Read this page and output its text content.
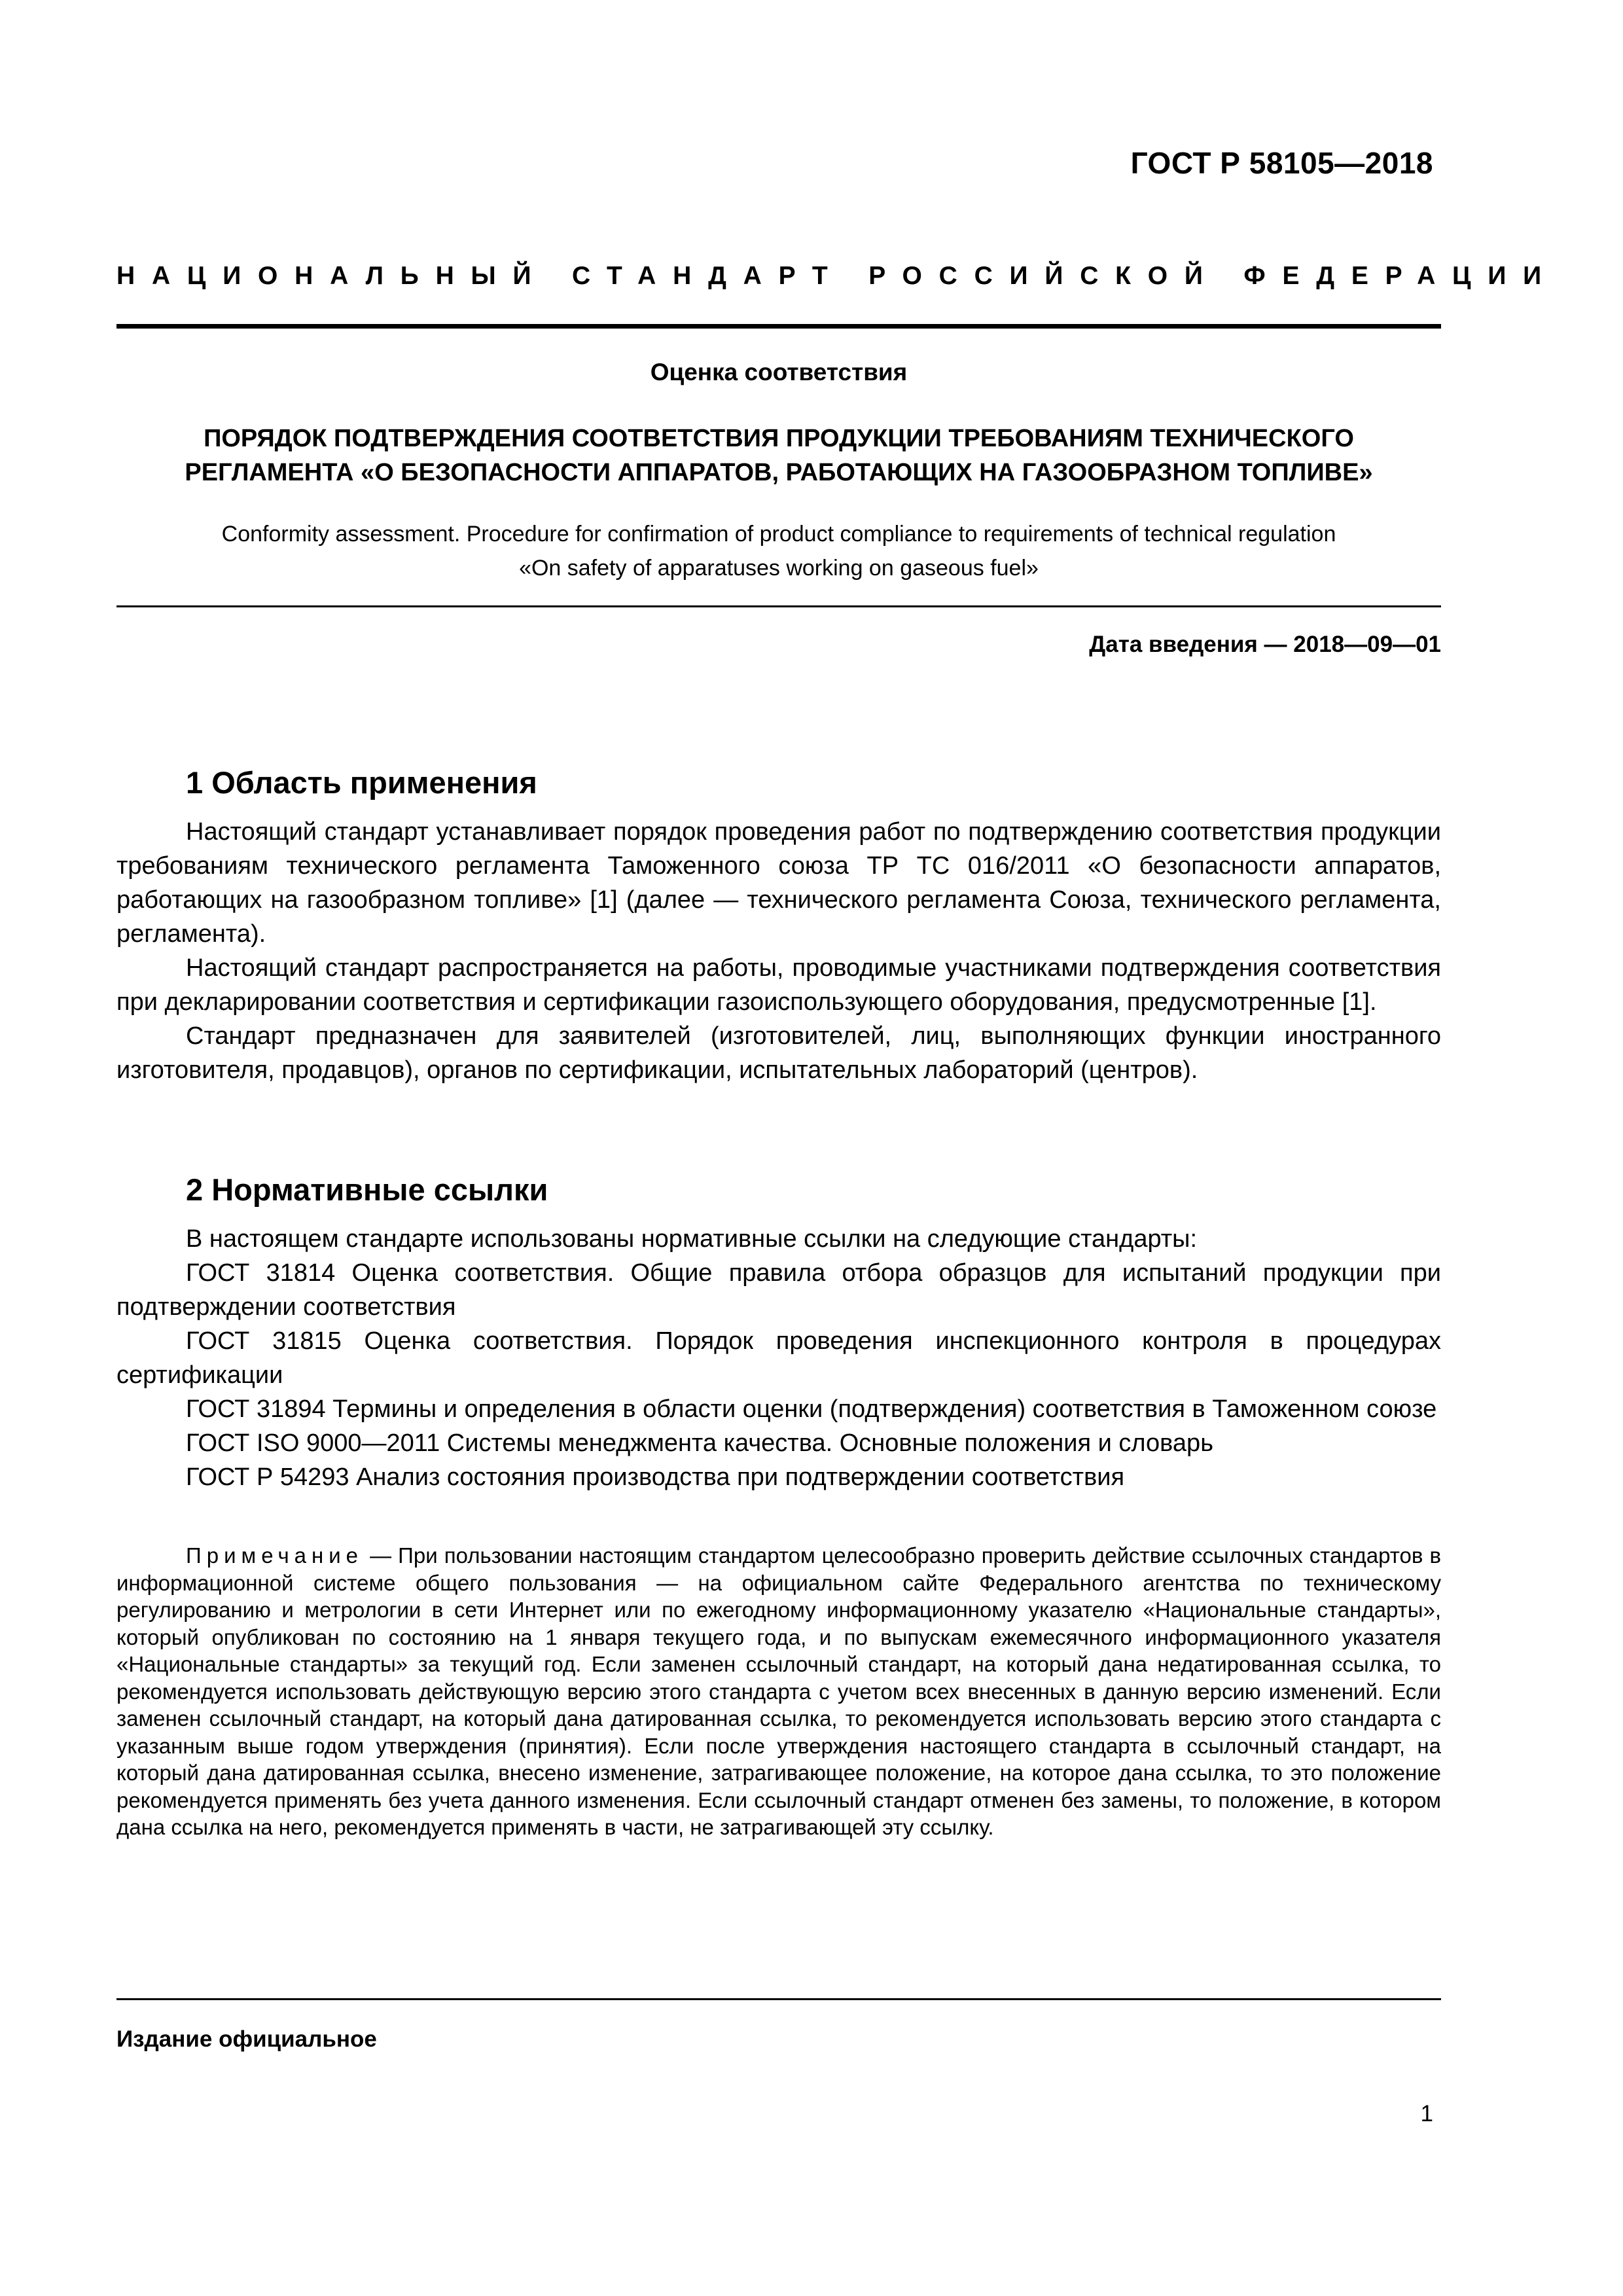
ГОСТ Р 58105—2018
НАЦИОНАЛЬНЫЙ СТАНДАРТ РОССИЙСКОЙ ФЕДЕРАЦИИ
Оценка соответствия
ПОРЯДОК ПОДТВЕРЖДЕНИЯ СООТВЕТСТВИЯ ПРОДУКЦИИ ТРЕБОВАНИЯМ ТЕХНИЧЕСКОГО
РЕГЛАМЕНТА «О БЕЗОПАСНОСТИ АППАРАТОВ, РАБОТАЮЩИХ НА ГАЗООБРАЗНОМ ТОПЛИВЕ»
Conformity assessment. Procedure for confirmation of product compliance to requirements of technical regulation
«On safety of apparatuses working on gaseous fuel»
Дата введения — 2018—09—01
1 Область применения

Настоящий стандарт устанавливает порядок проведения работ по подтверждению соответствия продукции требованиям технического регламента Таможенного союза ТР ТС 016/2011 «О безопасности аппаратов, работающих на газообразном топливе» [1] (далее — технического регламента Союза, технического регламента, регламента).

Настоящий стандарт распространяется на работы, проводимые участниками подтверждения соответствия при декларировании соответствия и сертификации газоиспользующего оборудования, предусмотренные [1].

Стандарт предназначен для заявителей (изготовителей, лиц, выполняющих функции иностранного изготовителя, продавцов), органов по сертификации, испытательных лабораторий (центров).

2 Нормативные ссылки

В настоящем стандарте использованы нормативные ссылки на следующие стандарты:

ГОСТ 31814 Оценка соответствия. Общие правила отбора образцов для испытаний продукции при подтверждении соответствия

ГОСТ 31815 Оценка соответствия. Порядок проведения инспекционного контроля в процедурах сертификации

ГОСТ 31894 Термины и определения в области оценки (подтверждения) соответствия в Таможенном союзе

ГОСТ ISO 9000—2011 Системы менеджмента качества. Основные положения и словарь

ГОСТ Р 54293 Анализ состояния производства при подтверждении соответствия

Примечание — При пользовании настоящим стандартом целесообразно проверить действие ссылочных стандартов в информационной системе общего пользования — на официальном сайте Федерального агентства по техническому регулированию и метрологии в сети Интернет или по ежегодному информационному указателю «Национальные стандарты», который опубликован по состоянию на 1 января текущего года, и по выпускам ежемесячного информационного указателя «Национальные стандарты» за текущий год. Если заменен ссылочный стандарт, на который дана недатированная ссылка, то рекомендуется использовать действующую версию этого стандарта с учетом всех внесенных в данную версию изменений. Если заменен ссылочный стандарт, на который дана датированная ссылка, то рекомендуется использовать версию этого стандарта с указанным выше годом утверждения (принятия). Если после утверждения настоящего стандарта в ссылочный стандарт, на который дана датированная ссылка, внесено изменение, затрагивающее положение, на которое дана ссылка, то это положение рекомендуется применять без учета данного изменения. Если ссылочный стандарт отменен без замены, то положение, в котором дана ссылка на него, рекомендуется применять в части, не затрагивающей эту ссылку.

Издание официальное
1
